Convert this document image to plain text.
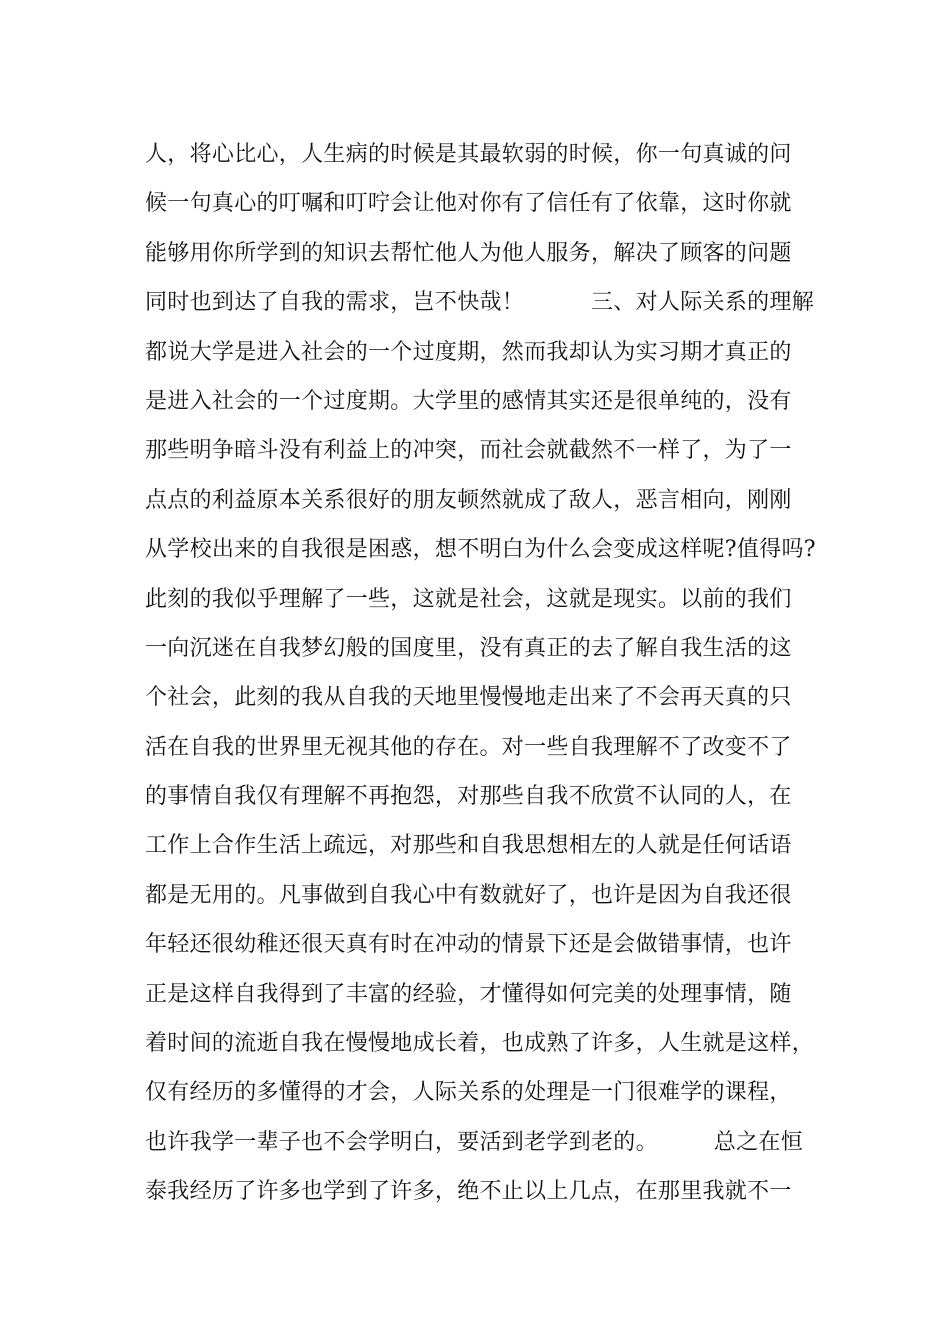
人，将心比心，人生病的时候是其最软弱的时候，你一句真诚的问
候一句真心的叮嘱和叮咛会让他对你有了信任有了依靠，这时你就
能够用你所学到的知识去帮忙他人为他人服务，解决了顾客的问题
同时也到达了自我的需求，岂不快哉！　　　三、对人际关系的理解
都说大学是进入社会的一个过度期，然而我却认为实习期才真正的
是进入社会的一个过度期。大学里的感情其实还是很单纯的，没有
那些明争暗斗没有利益上的冲突，而社会就截然不一样了，为了一
点点的利益原本关系很好的朋友顿然就成了敌人，恶言相向，刚刚
从学校出来的自我很是困惑，想不明白为什么会变成这样呢?值得吗?
此刻的我似乎理解了一些，这就是社会，这就是现实。以前的我们
一向沉迷在自我梦幻般的国度里，没有真正的去了解自我生活的这
个社会，此刻的我从自我的天地里慢慢地走出来了不会再天真的只
活在自我的世界里无视其他的存在。对一些自我理解不了改变不了
的事情自我仅有理解不再抱怨，对那些自我不欣赏不认同的人，在
工作上合作生活上疏远，对那些和自我思想相左的人就是任何话语
都是无用的。凡事做到自我心中有数就好了，也许是因为自我还很
年轻还很幼稚还很天真有时在冲动的情景下还是会做错事情，也许
正是这样自我得到了丰富的经验，才懂得如何完美的处理事情，随
着时间的流逝自我在慢慢地成长着，也成熟了许多，人生就是这样，
仅有经历的多懂得的才会，人际关系的处理是一门很难学的课程，
也许我学一辈子也不会学明白，要活到老学到老的。　　　总之在恒
泰我经历了许多也学到了许多，绝不止以上几点，在那里我就不一
